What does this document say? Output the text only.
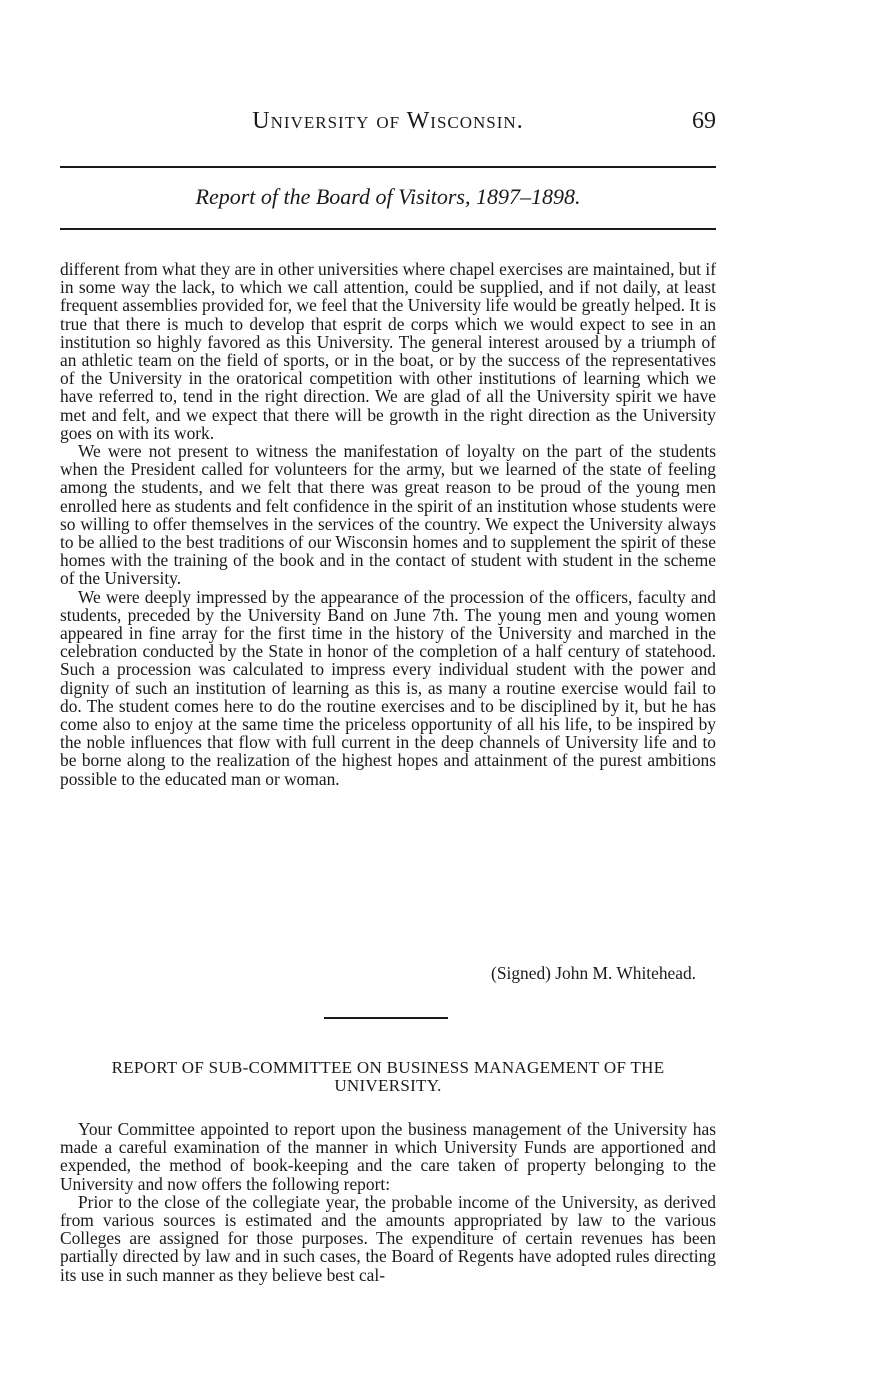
University of Wisconsin.	69
Report of the Board of Visitors, 1897–1898.

different from what they are in other universities where chapel exercises are maintained, but if in some way the lack, to which we call attention, could be supplied, and if not daily, at least frequent assemblies provided for, we feel that the University life would be greatly helped. It is true that there is much to develop that esprit de corps which we would expect to see in an institution so highly favored as this University. The general interest aroused by a triumph of an athletic team on the field of sports, or in the boat, or by the success of the representatives of the University in the oratorical competition with other institutions of learning which we have referred to, tend in the right direction. We are glad of all the University spirit we have met and felt, and we expect that there will be growth in the right direction as the University goes on with its work.

We were not present to witness the manifestation of loyalty on the part of the students when the President called for volunteers for the army, but we learned of the state of feeling among the students, and we felt that there was great reason to be proud of the young men enrolled here as students and felt confidence in the spirit of an institution whose students were so willing to offer themselves in the services of the country. We expect the University always to be allied to the best traditions of our Wisconsin homes and to supplement the spirit of these homes with the training of the book and in the contact of student with student in the scheme of the University.

We were deeply impressed by the appearance of the procession of the officers, faculty and students, preceded by the University Band on June 7th. The young men and young women appeared in fine array for the first time in the history of the University and marched in the celebration conducted by the State in honor of the completion of a half century of statehood. Such a procession was calculated to impress every individual student with the power and dignity of such an institution of learning as this is, as many a routine exercise would fail to do. The student comes here to do the routine exercises and to be disciplined by it, but he has come also to enjoy at the same time the priceless opportunity of all his life, to be inspired by the noble influences that flow with full current in the deep channels of University life and to be borne along to the realization of the highest hopes and attainment of the purest ambitions possible to the educated man or woman.

(Signed) John M. Whitehead.
REPORT OF SUB-COMMITTEE ON BUSINESS MANAGEMENT OF THE UNIVERSITY.

Your Committee appointed to report upon the business management of the University has made a careful examination of the manner in which University Funds are apportioned and expended, the method of book-keeping and the care taken of property belonging to the University and now offers the following report:

Prior to the close of the collegiate year, the probable income of the University, as derived from various sources is estimated and the amounts appropriated by law to the various Colleges are assigned for those purposes. The expenditure of certain revenues has been partially directed by law and in such cases, the Board of Regents have adopted rules directing its use in such manner as they believe best cal-
